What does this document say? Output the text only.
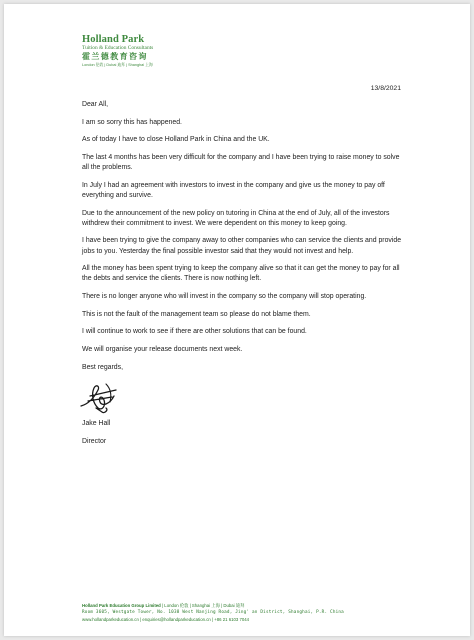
Holland Park
Tuition & Education Consultants
霍兰德教育咨询
London 伦敦 | Dubai 迪拜 | Shanghai 上海
13/8/2021

Dear All,

I am so sorry this has happened.

As of today I have to close Holland Park in China and the UK.

The last 4 months has been very difficult for the company and I have been trying to raise money to solve all the problems.

In July I had an agreement with investors to invest in the company and give us the money to pay off everything and survive.

Due to the announcement of the new policy on tutoring in China at the end of July, all of the investors withdrew their commitment to invest. We were dependent on this money to keep going.

I have been trying to give the company away to other companies who can service the clients and provide jobs to you. Yesterday the final possible investor said that they would not invest and help.

All the money has been spent trying to keep the company alive so that it can get the money to pay for all the debts and service the clients. There is now nothing left.

There is no longer anyone who will invest in the company so the company will stop operating.

This is not the fault of the management team so please do not blame them.

I will continue to work to see if there are other solutions that can be found.

We will organise your release documents next week.

Best regards,

Jake Hall
Director
Holland Park Education Group Limited | London 伦敦 | Shanghai 上海 | Dubai 迪拜
Room 3605, Westgate Tower, No. 1038 West Nanjing Road, Jing' an District, Shanghai, P.R. China
www.hollandparkeducation.cn | enquiries@hollandparkeducation.cn | +86 21 6103 7044
